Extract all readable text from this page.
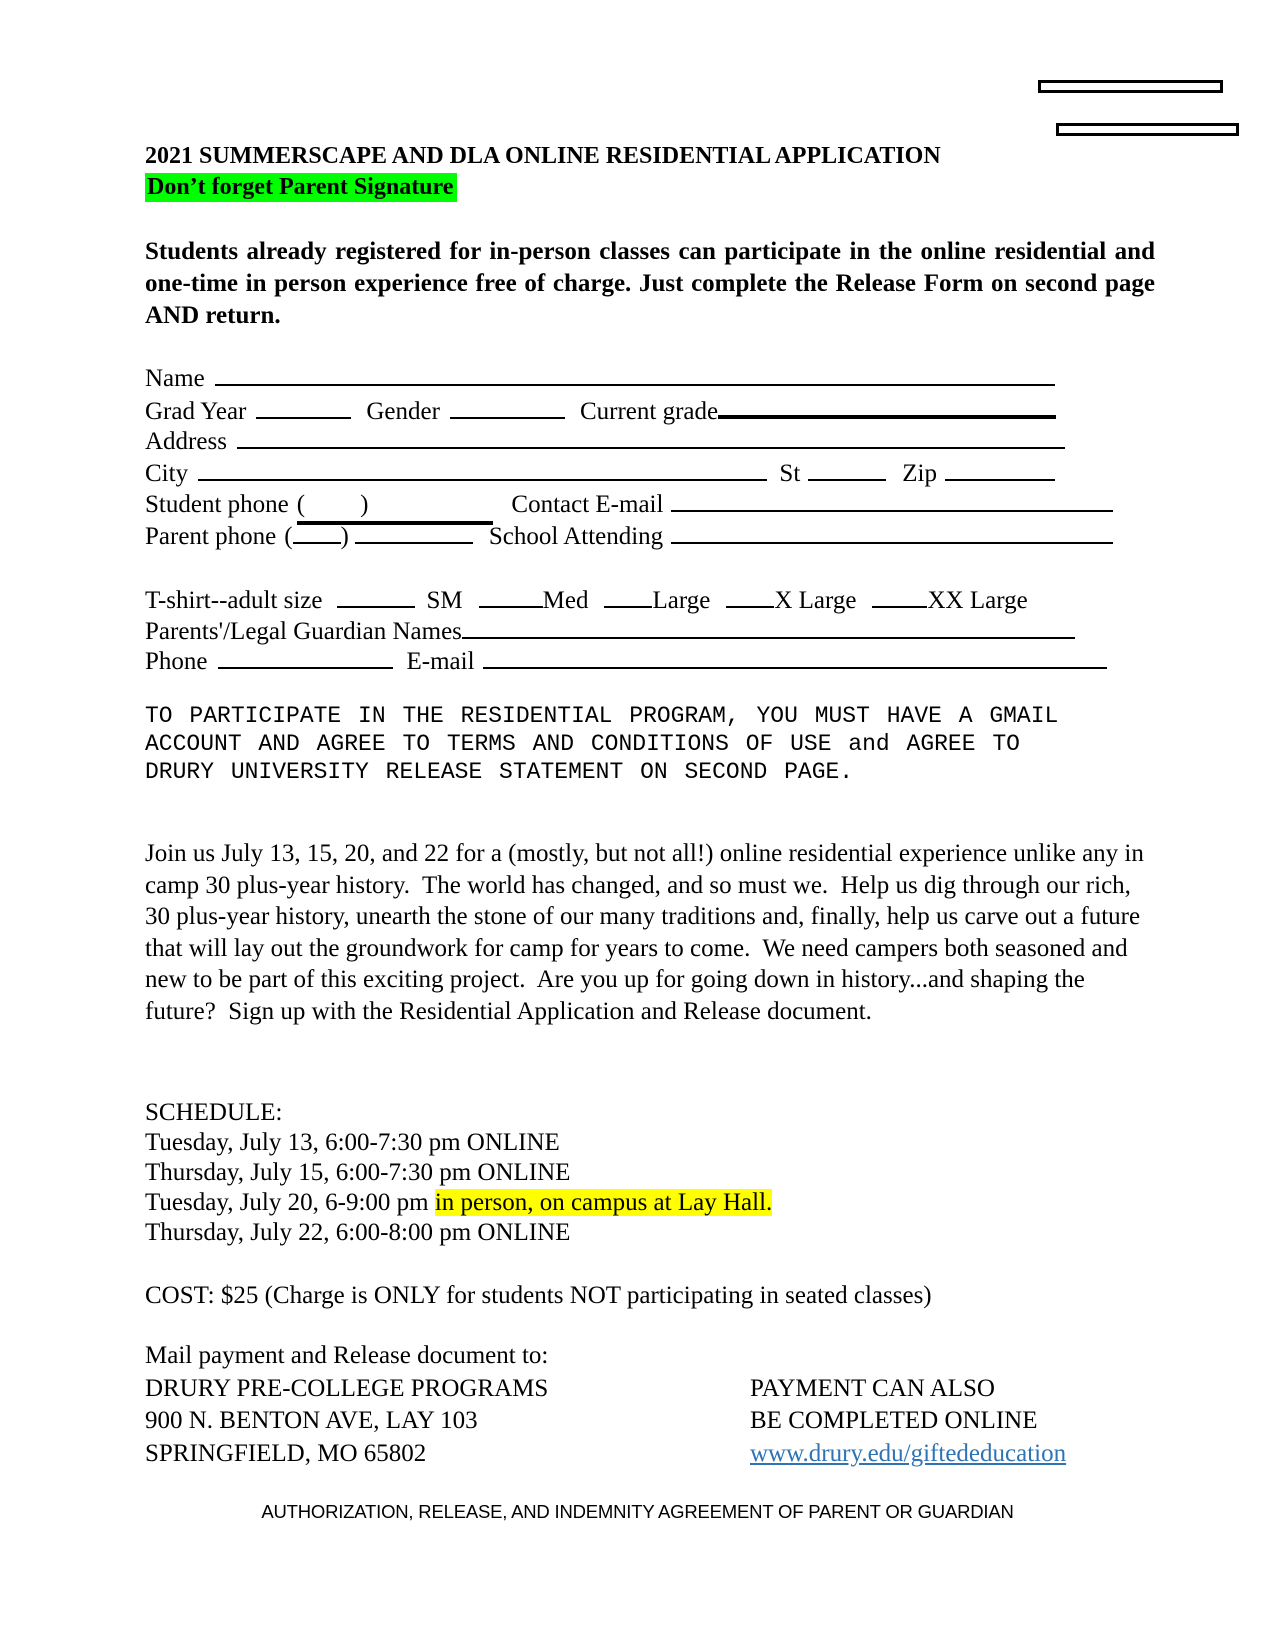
2021 SUMMERSCAPE AND DLA ONLINE RESIDENTIAL APPLICATION
Don’t forget Parent Signature
Students already registered for in-person classes can participate in the online residential and one-time in person experience free of charge. Just complete the Release Form on second page AND return.
Name
Grad Year	Gender	Current grade
Address
City	St	Zip
Student phone ( )	Contact E-mail
Parent phone ( )	School Attending
T-shirt--adult size	SM	Med	Large	X Large	XX Large
Parents'/Legal Guardian Names
Phone	E-mail
TO PARTICIPATE IN THE RESIDENTIAL PROGRAM, YOU MUST HAVE A GMAIL
ACCOUNT AND AGREE TO TERMS AND CONDITIONS OF USE and AGREE TO
DRURY UNIVERSITY RELEASE STATEMENT ON SECOND PAGE.
Join us July 13, 15, 20, and 22 for a (mostly, but not all!) online residential experience unlike any in camp 30 plus-year history.  The world has changed, and so must we.  Help us dig through our rich, 30 plus-year history, unearth the stone of our many traditions and, finally, help us carve out a future that will lay out the groundwork for camp for years to come.  We need campers both seasoned and new to be part of this exciting project.  Are you up for going down in history...and shaping the future?  Sign up with the Residential Application and Release document.
SCHEDULE:
Tuesday, July 13, 6:00-7:30 pm ONLINE
Thursday, July 15, 6:00-7:30 pm ONLINE
Tuesday, July 20, 6-9:00 pm in person, on campus at Lay Hall.
Thursday, July 22, 6:00-8:00 pm ONLINE
COST: $25 (Charge is ONLY for students NOT participating in seated classes)
Mail payment and Release document to:
DRURY PRE-COLLEGE PROGRAMS
900 N. BENTON AVE, LAY 103
SPRINGFIELD, MO 65802
PAYMENT CAN ALSO
BE COMPLETED ONLINE
www.drury.edu/giftededucation
AUTHORIZATION, RELEASE, AND INDEMNITY AGREEMENT OF PARENT OR GUARDIAN
